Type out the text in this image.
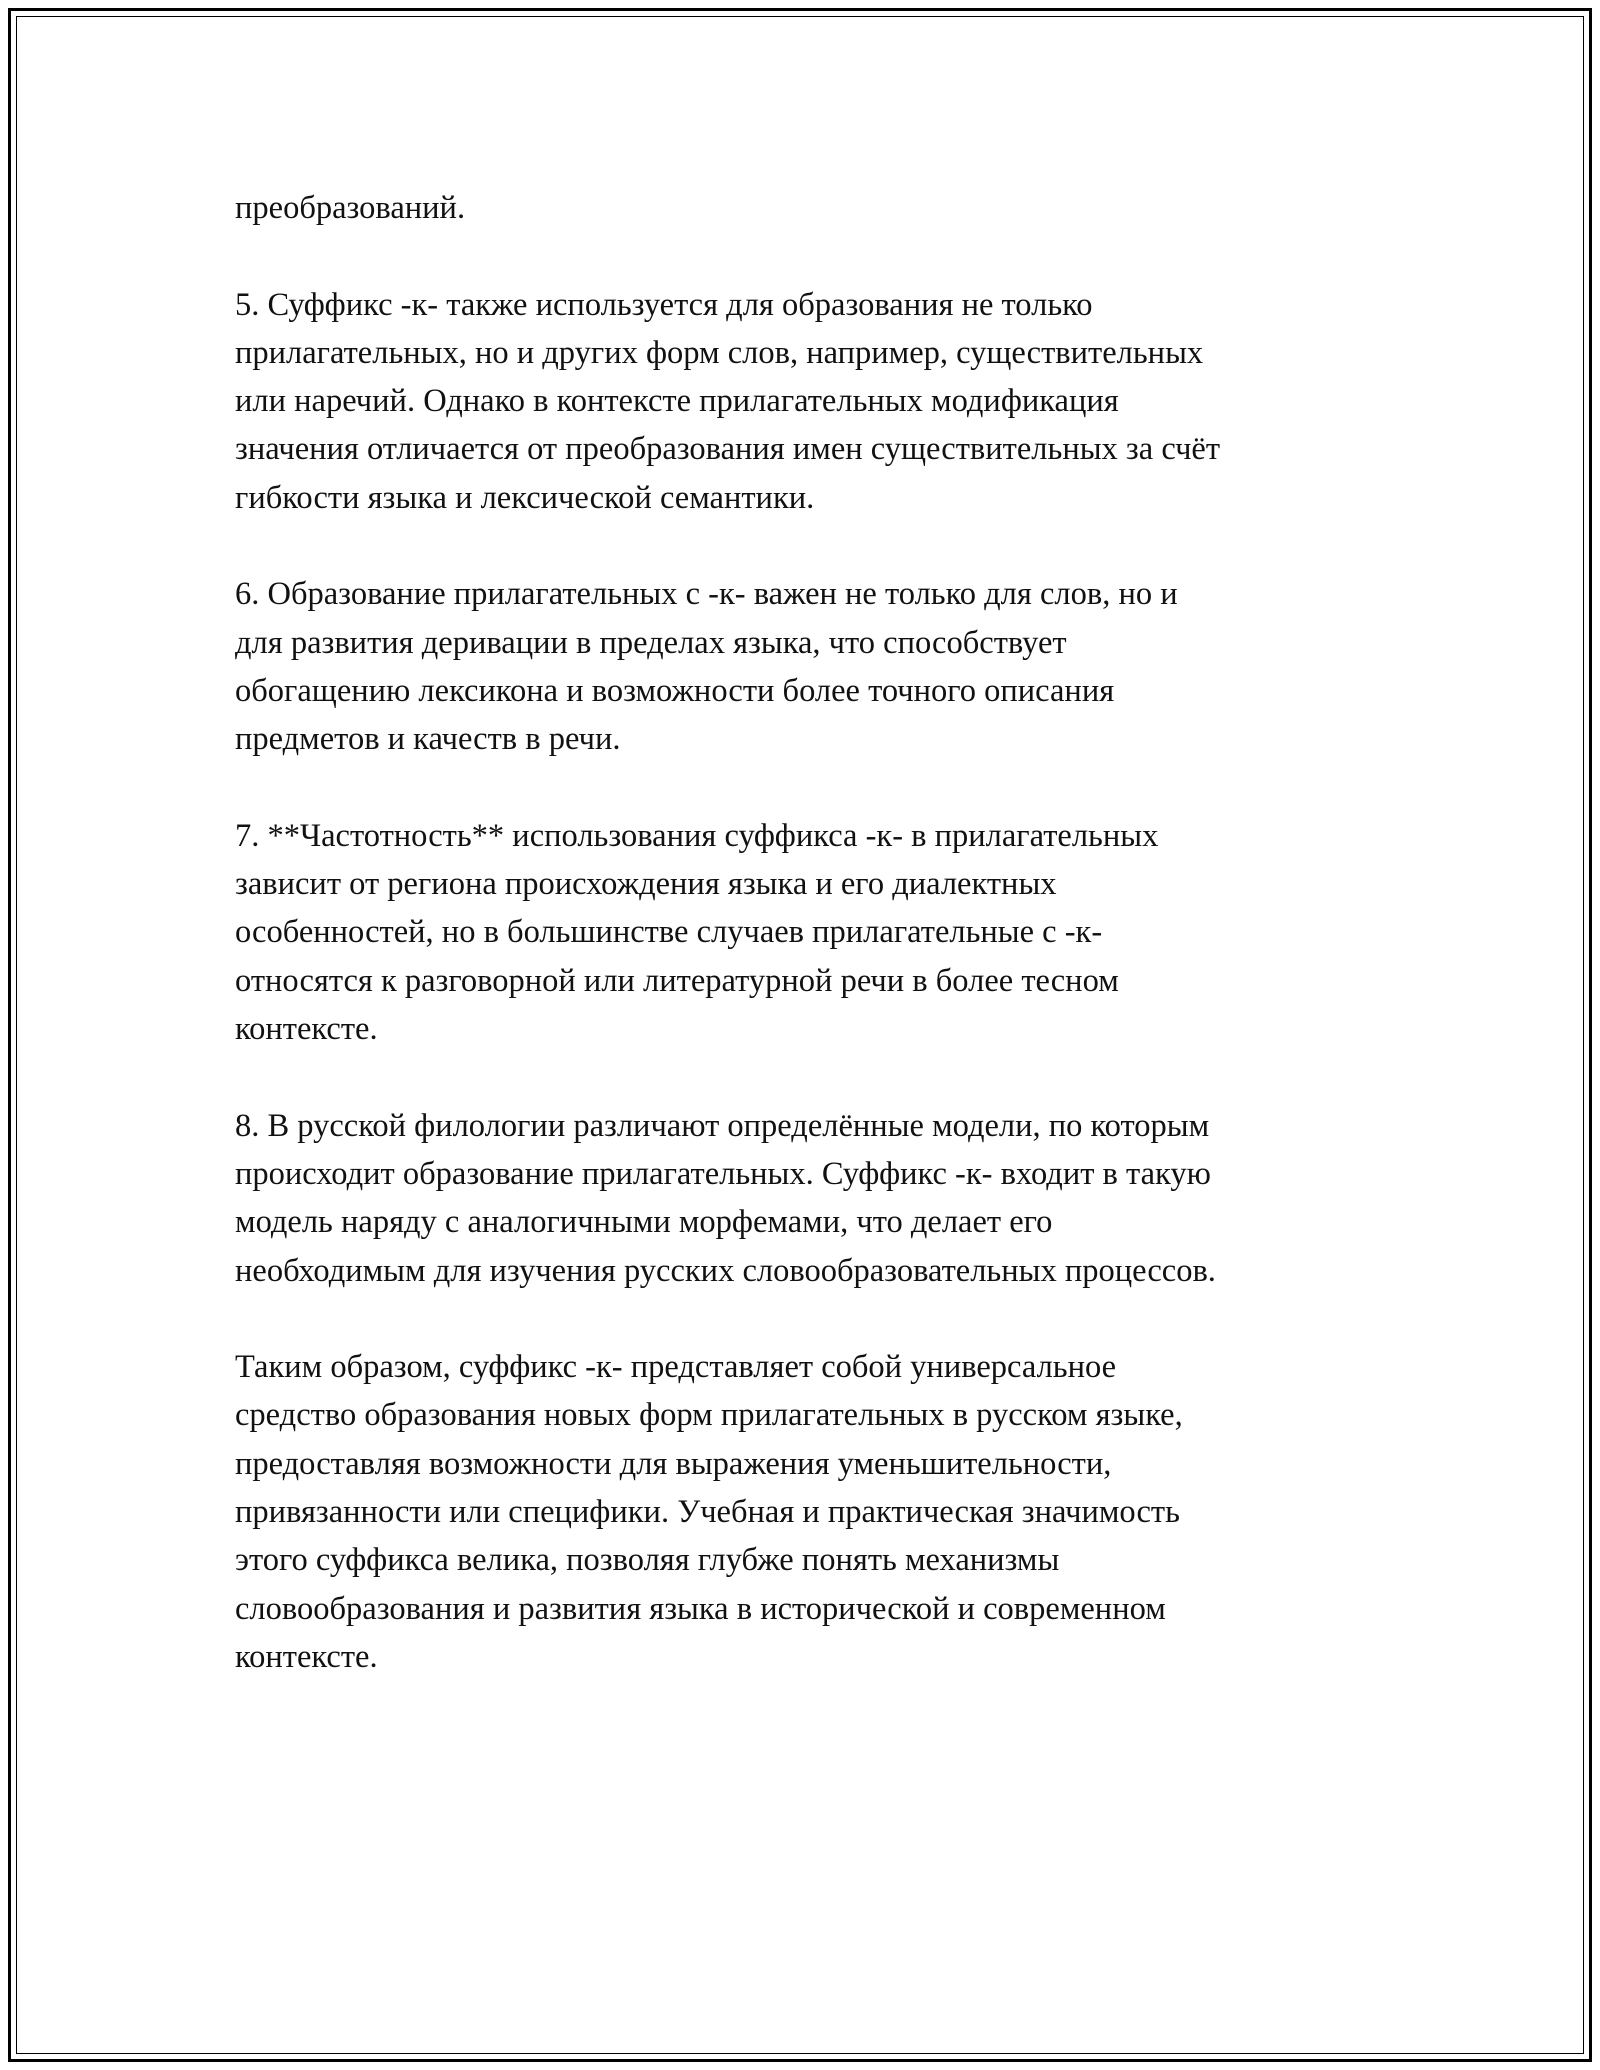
преобразований.

5. Суффикс -к- также используется для образования не только
прилагательных, но и других форм слов, например, существительных
или наречий. Однако в контексте прилагательных модификация
значения отличается от преобразования имен существительных за счёт
гибкости языка и лексической семантики.

6. Образование прилагательных с -к- важен не только для слов, но и
для развития деривации в пределах языка, что способствует
обогащению лексикона и возможности более точного описания
предметов и качеств в речи.

7. **Частотность** использования суффикса -к- в прилагательных
зависит от региона происхождения языка и его диалектных
особенностей, но в большинстве случаев прилагательные с -к-
относятся к разговорной или литературной речи в более тесном
контексте.

8. В русской филологии различают определённые модели, по которым
происходит образование прилагательных. Суффикс -к- входит в такую
модель наряду с аналогичными морфемами, что делает его
необходимым для изучения русских словообразовательных процессов.

Таким образом, суффикс -к- представляет собой универсальное
средство образования новых форм прилагательных в русском языке,
предоставляя возможности для выражения уменьшительности,
привязанности или специфики. Учебная и практическая значимость
этого суффикса велика, позволяя глубже понять механизмы
словообразования и развития языка в исторической и современном
контексте.
